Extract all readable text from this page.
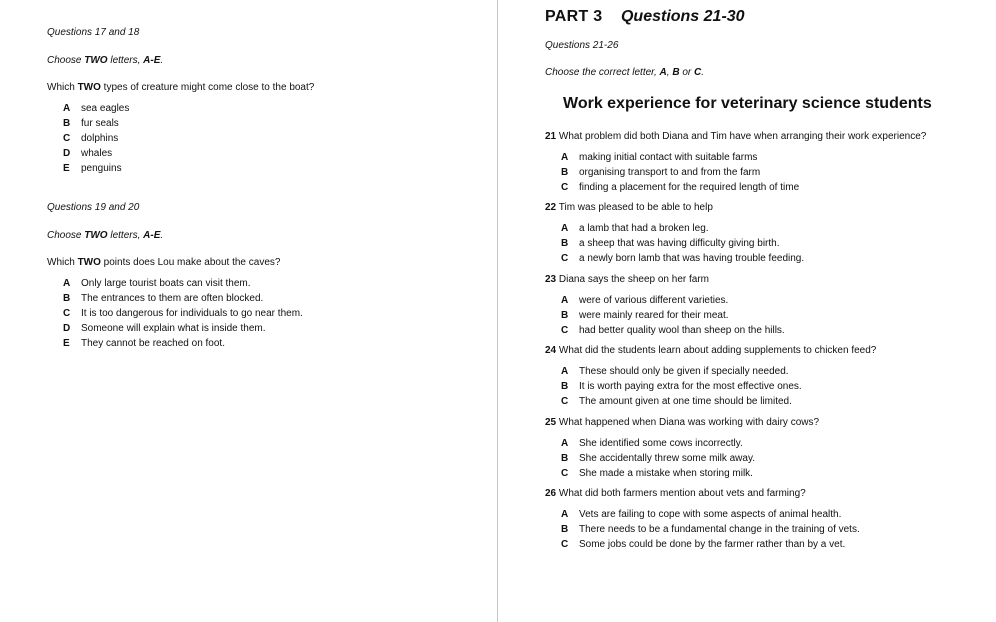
Questions 17 and 18
Choose TWO letters, A-E.
Which TWO types of creature might come close to the boat?
A sea eagles
B fur seals
C dolphins
D whales
E penguins
Questions 19 and 20
Choose TWO letters, A-E.
Which TWO points does Lou make about the caves?
A Only large tourist boats can visit them.
B The entrances to them are often blocked.
C It is too dangerous for individuals to go near them.
D Someone will explain what is inside them.
E They cannot be reached on foot.
PART 3 Questions 21-30
Questions 21-26
Choose the correct letter, A, B or C.
Work experience for veterinary science students
21 What problem did both Diana and Tim have when arranging their work experience?
A making initial contact with suitable farms
B organising transport to and from the farm
C finding a placement for the required length of time
22 Tim was pleased to be able to help
A a lamb that had a broken leg.
B a sheep that was having difficulty giving birth.
C a newly born lamb that was having trouble feeding.
23 Diana says the sheep on her farm
A were of various different varieties.
B were mainly reared for their meat.
C had better quality wool than sheep on the hills.
24 What did the students learn about adding supplements to chicken feed?
A These should only be given if specially needed.
B It is worth paying extra for the most effective ones.
C The amount given at one time should be limited.
25 What happened when Diana was working with dairy cows?
A She identified some cows incorrectly.
B She accidentally threw some milk away.
C She made a mistake when storing milk.
26 What did both farmers mention about vets and farming?
A Vets are failing to cope with some aspects of animal health.
B There needs to be a fundamental change in the training of vets.
C Some jobs could be done by the farmer rather than by a vet.
